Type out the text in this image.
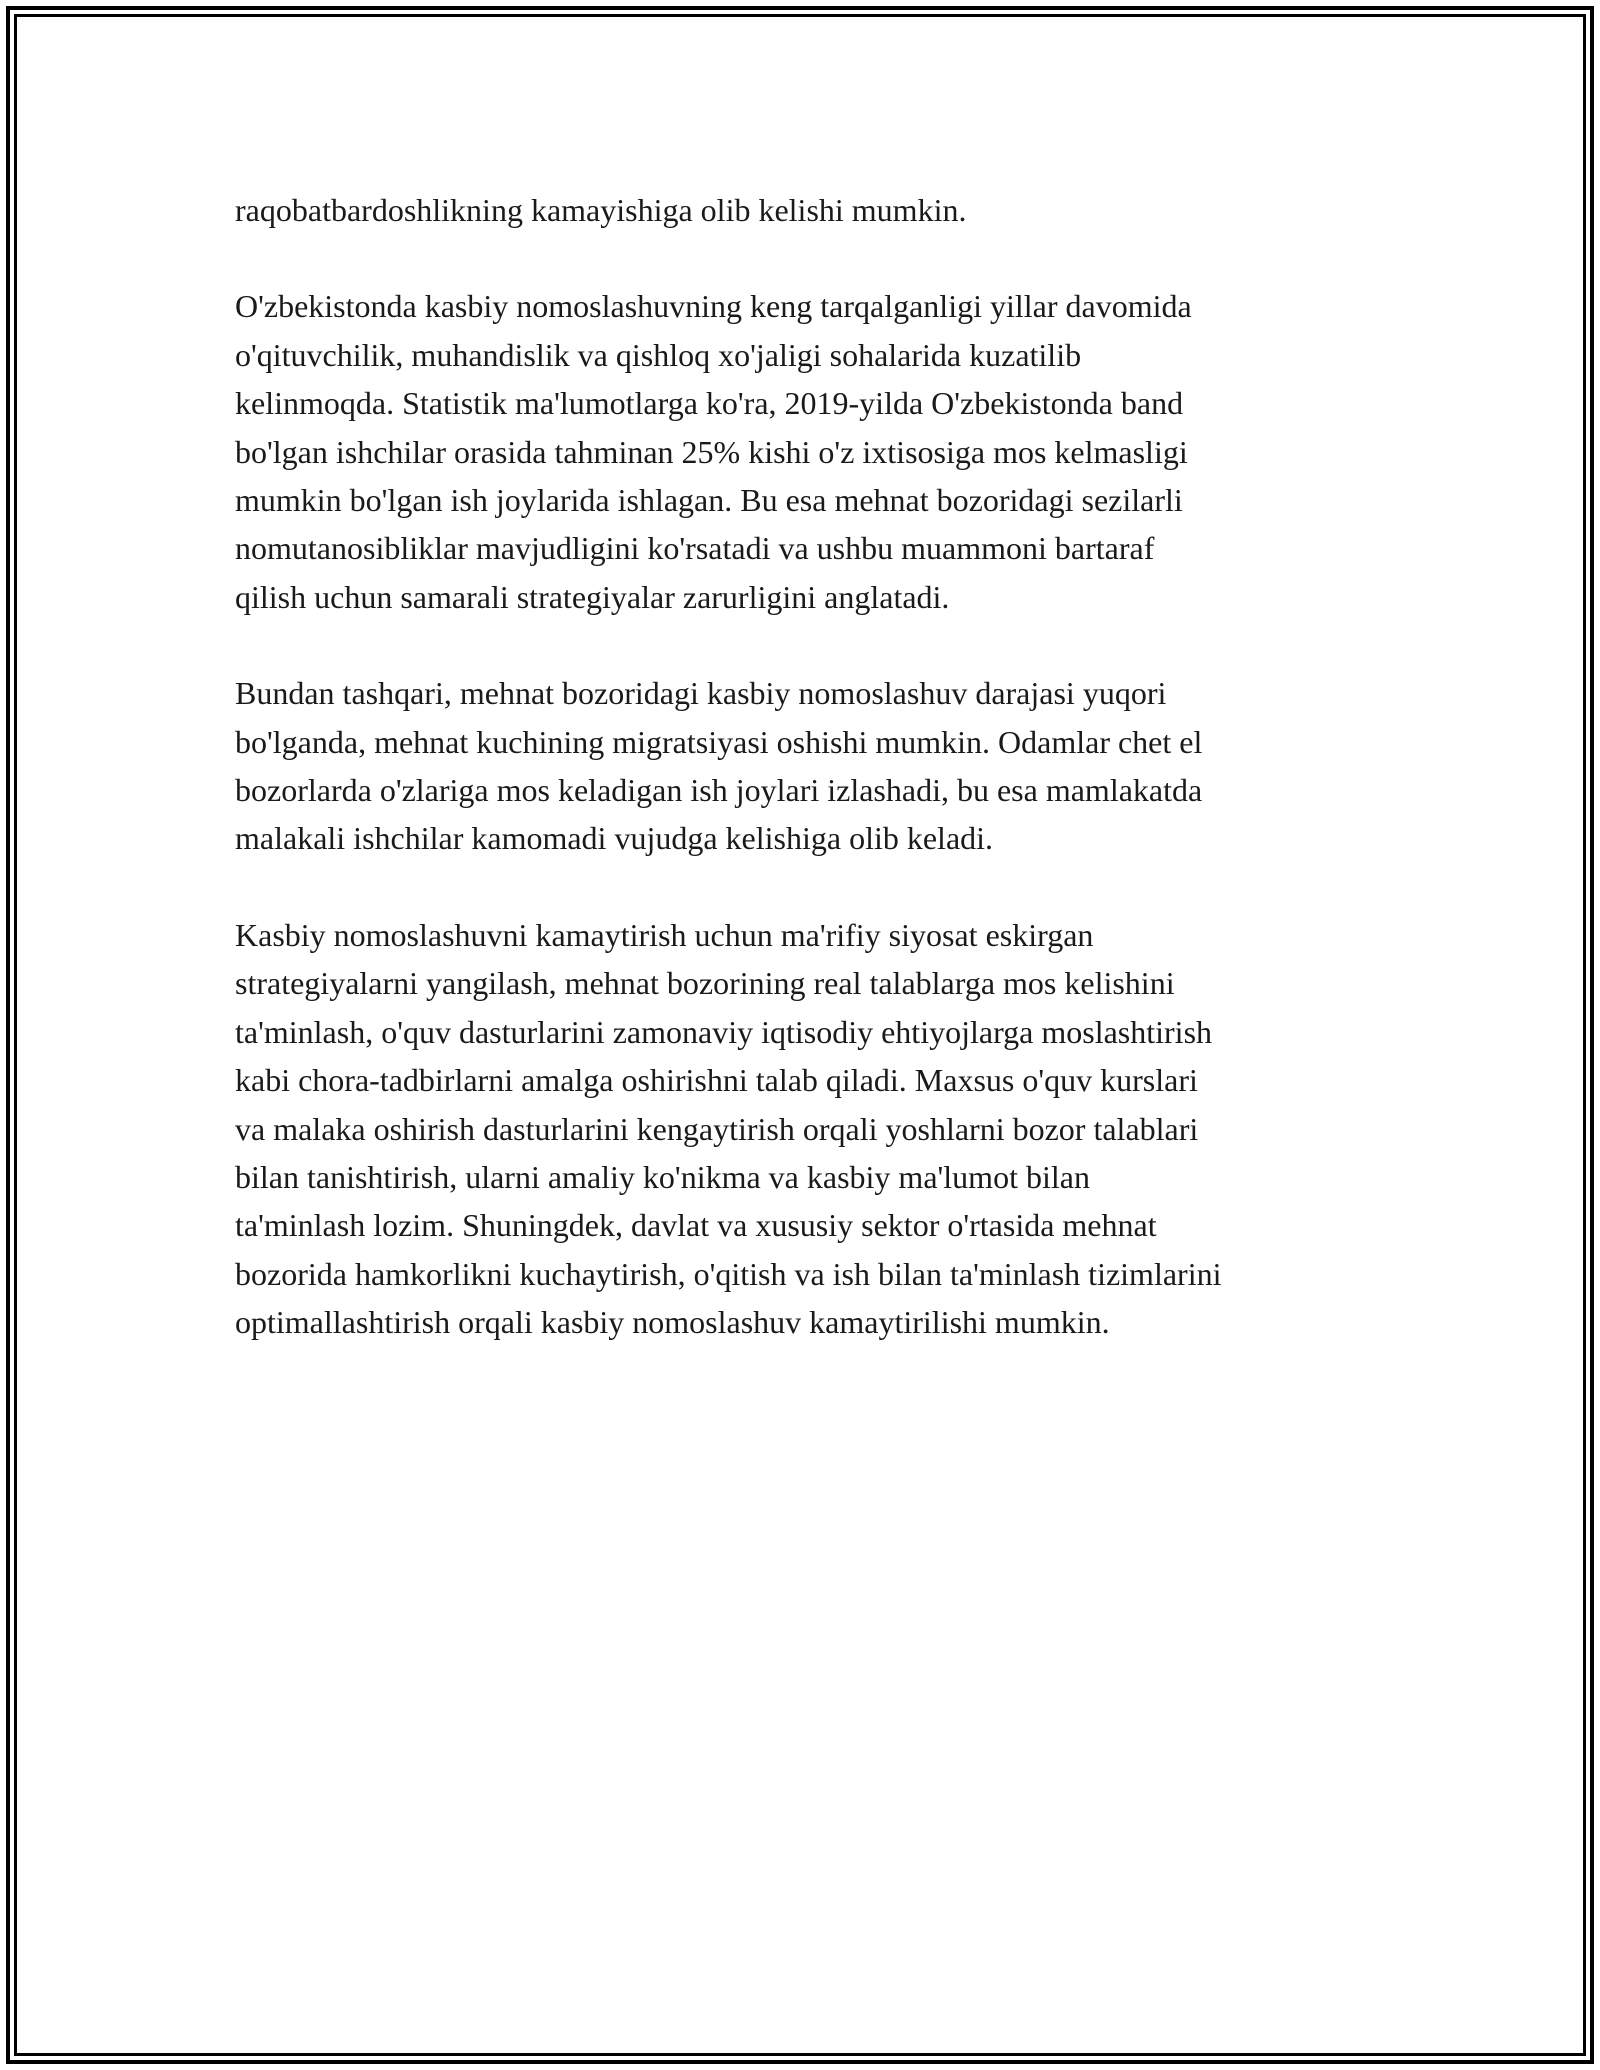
raqobatbardoshlikning kamayishiga olib kelishi mumkin.

O'zbekistonda kasbiy nomoslashuvning keng tarqalganligi yillar davomida
o'qituvchilik, muhandislik va qishloq xo'jaligi sohalarida kuzatilib
kelinmoqda. Statistik ma'lumotlarga ko'ra, 2019-yilda O'zbekistonda band
bo'lgan ishchilar orasida tahminan 25% kishi o'z ixtisosiga mos kelmasligi
mumkin bo'lgan ish joylarida ishlagan. Bu esa mehnat bozoridagi sezilarli
nomutanosibliklar mavjudligini ko'rsatadi va ushbu muammoni bartaraf
qilish uchun samarali strategiyalar zarurligini anglatadi.

Bundan tashqari, mehnat bozoridagi kasbiy nomoslashuv darajasi yuqori
bo'lganda, mehnat kuchining migratsiyasi oshishi mumkin. Odamlar chet el
bozorlarda o'zlariga mos keladigan ish joylari izlashadi, bu esa mamlakatda
malakali ishchilar kamomadi vujudga kelishiga olib keladi.

Kasbiy nomoslashuvni kamaytirish uchun ma'rifiy siyosat eskirgan
strategiyalarni yangilash, mehnat bozorining real talablarga mos kelishini
ta'minlash, o'quv dasturlarini zamonaviy iqtisodiy ehtiyojlarga moslashtirish
kabi chora-tadbirlarni amalga oshirishni talab qiladi. Maxsus o'quv kurslari
va malaka oshirish dasturlarini kengaytirish orqali yoshlarni bozor talablari
bilan tanishtirish, ularni amaliy ko'nikma va kasbiy ma'lumot bilan
ta'minlash lozim. Shuningdek, davlat va xususiy sektor o'rtasida mehnat
bozorida hamkorlikni kuchaytirish, o'qitish va ish bilan ta'minlash tizimlarini
optimallashtirish orqali kasbiy nomoslashuv kamaytirilishi mumkin.
